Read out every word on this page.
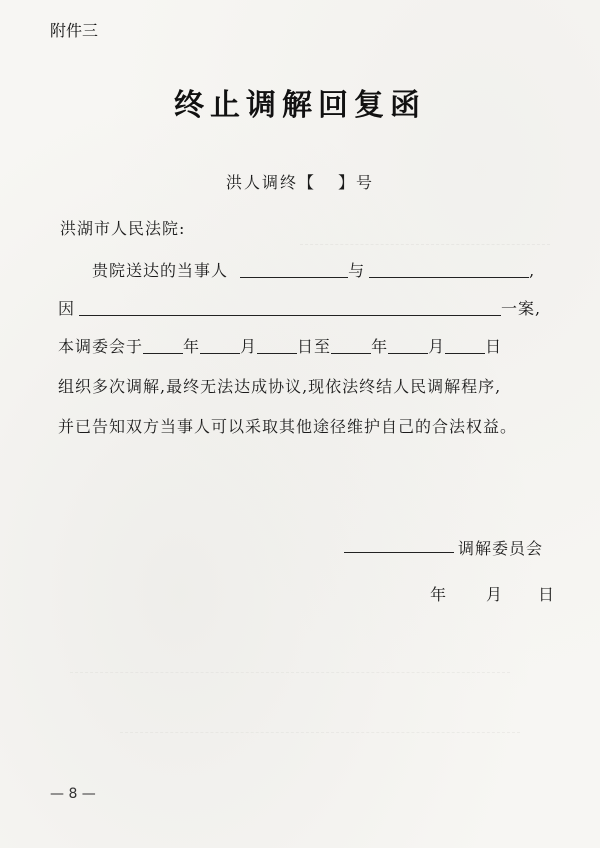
附件三
终止调解回复函
洪人调终【 】号
洪湖市人民法院:
贵院送达的当事人	与	,
因	一案,
本调委会于	年	月	日至	年	月	日
组织多次调解,最终无法达成协议,现依法终结人民调解程序,
并已告知双方当事人可以采取其他途径维护自己的合法权益。
调解委员会
年 月 日
— 8 —
